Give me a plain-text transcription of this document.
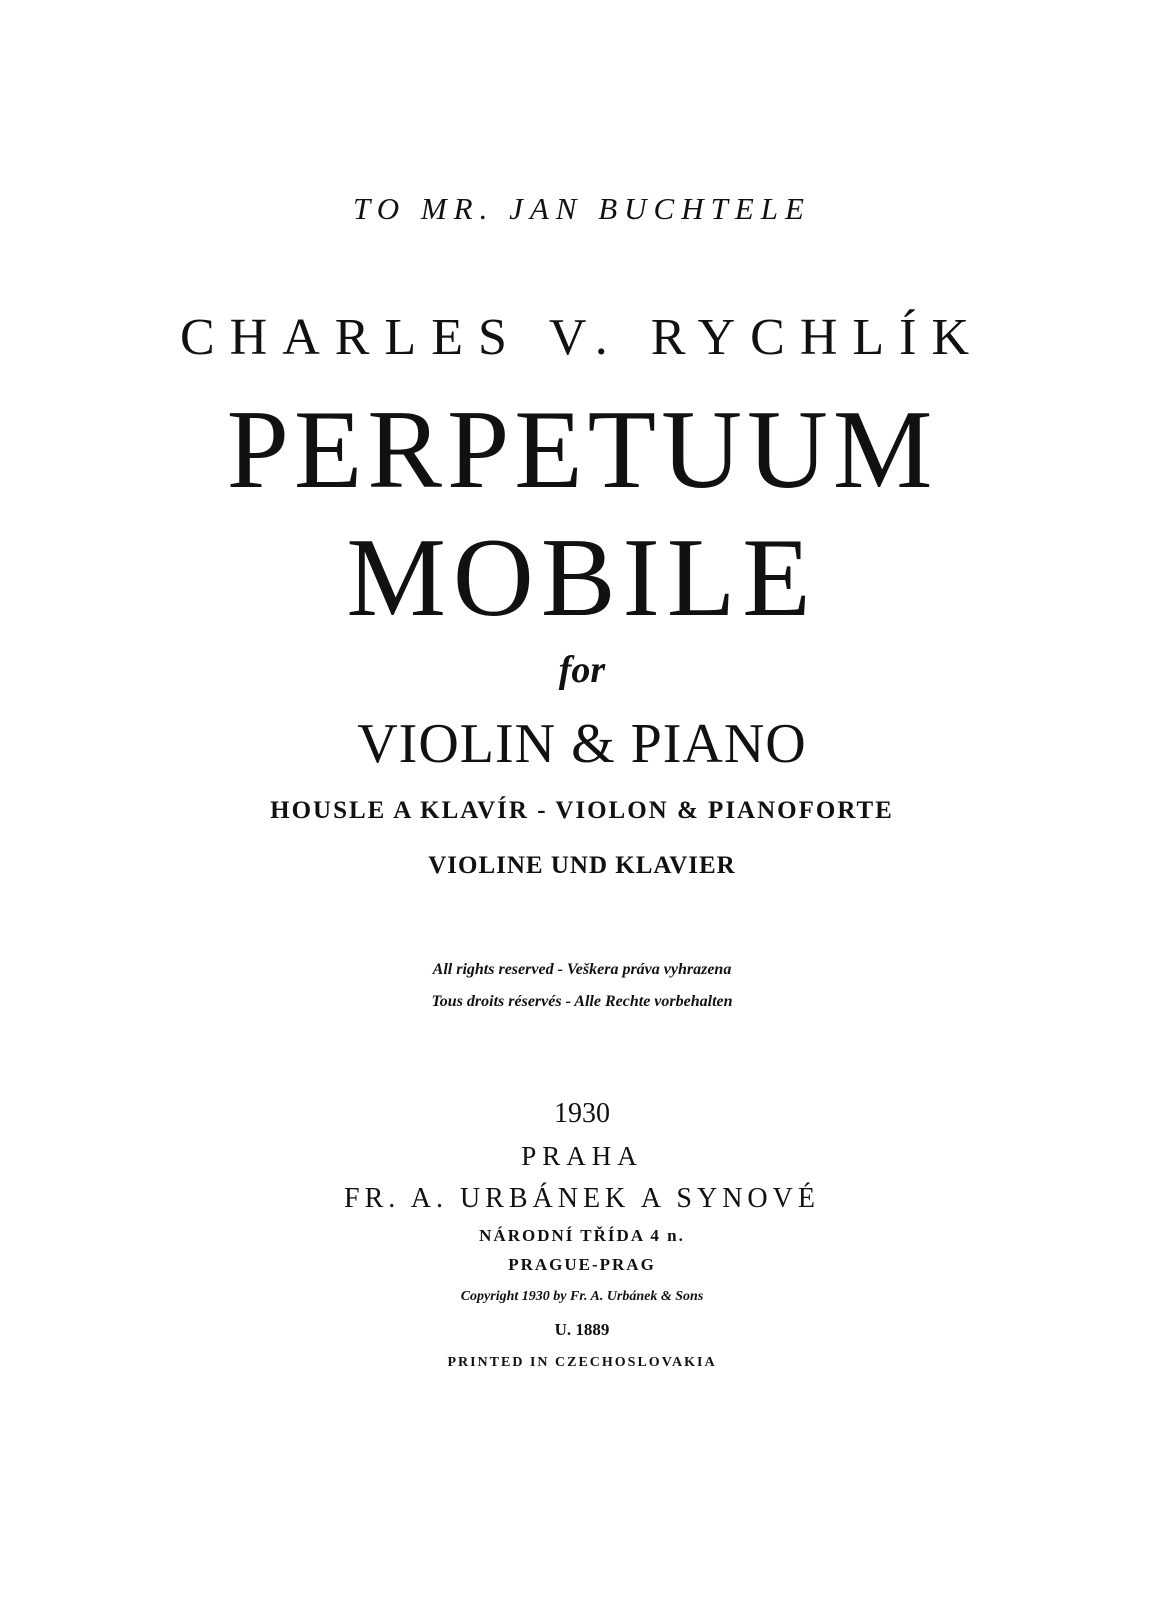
TO MR. JAN BUCHTELE

CHARLES V. RYCHLÍK

PERPETUUM

MOBILE

for

VIOLIN & PIANO

HOUSLE A KLAVÍR - VIOLON & PIANOFORTE

VIOLINE UND KLAVIER

All rights reserved - Veškera práva vyhrazena

Tous droits réservés - Alle Rechte vorbehalten

1930

PRAHA

FR. A. URBÁNEK A SYNOVÉ

NÁRODNÍ TŘÍDA 4 n.

PRAGUE-PRAG

Copyright 1930 by Fr. A. Urbánek & Sons

U. 1889

PRINTED IN CZECHOSLOVAKIA
